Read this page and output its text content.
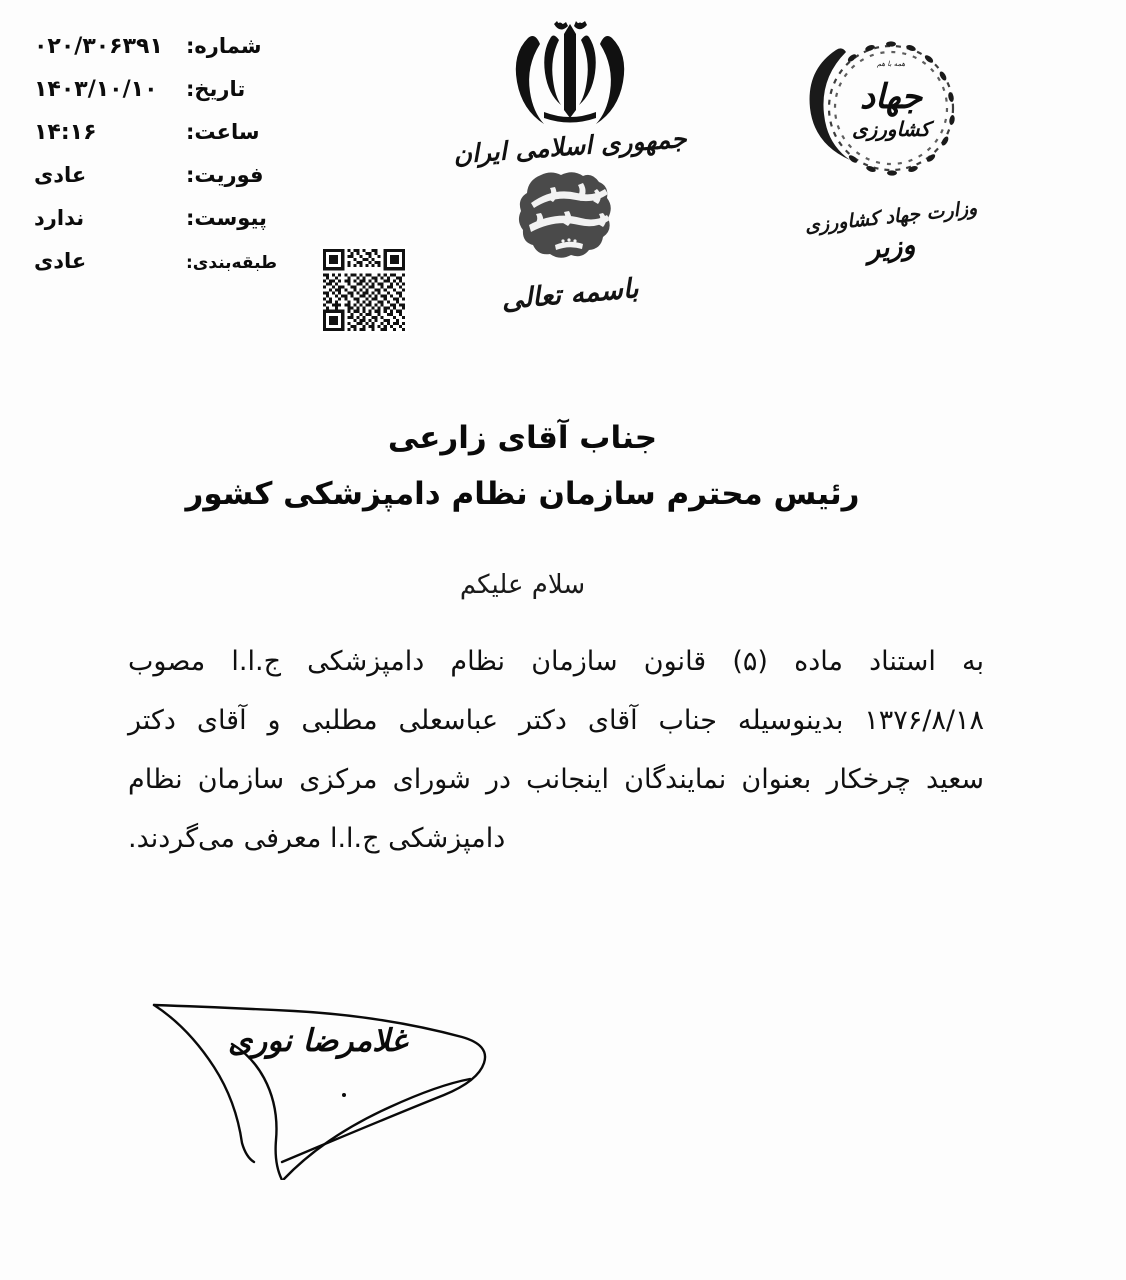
شماره:
۰۲۰/۳۰۶۳۹۱
تاریخ:
۱۴۰۳/۱۰/۱۰
ساعت:
۱۴:۱۶
فوریت:
عادی
پیوست:
ندارد
طبقه‌بندی:
عادی
جمهوری اسلامی ایران
باسمه تعالی
همه با هم
جهاد
کشاورزی
وزارت جهاد کشاورزی
وزیر
جناب آقای زارعی
رئیس محترم سازمان نظام دامپزشکی کشور
سلام علیکم
به استناد ماده (۵) قانون سازمان نظام دامپزشکی ج.ا.ا مصوب
۱۳۷۶/۸/۱۸ بدینوسیله جناب آقای دکتر عباسعلی مطلبی و آقای دکتر
سعید چرخکار بعنوان نمایندگان اینجانب در شورای مرکزی سازمان نظام
دامپزشکی ج.ا.ا معرفی می‌گردند.
غلامرضا نوری
